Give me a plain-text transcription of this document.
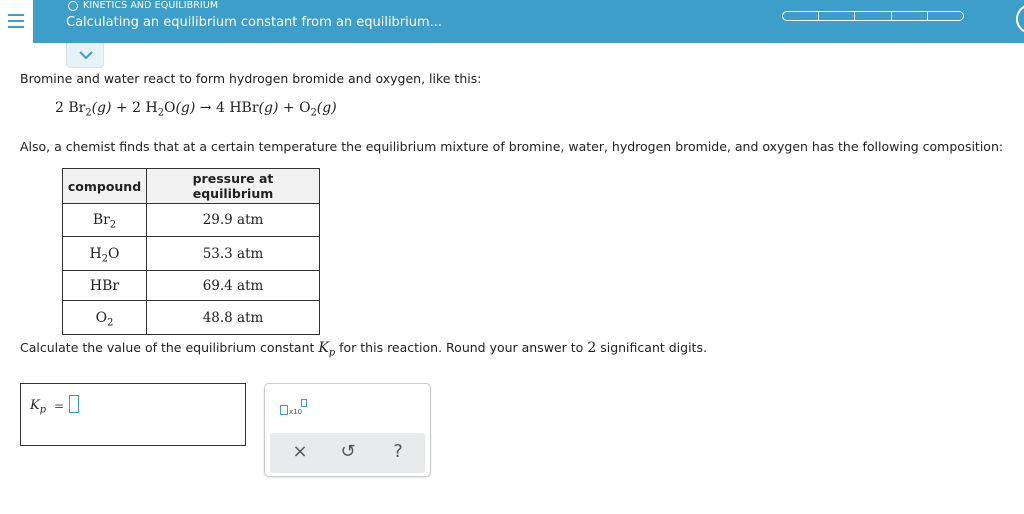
KINETICS AND EQUILIBRIUM
Calculating an equilibrium constant from an equilibrium...
Bromine and water react to form hydrogen bromide and oxygen, like this:
2 $Br_2(g) + 2$ $H_2O(g) \to 4$ $HBr(g) + O_2(g)$
Also, a chemist finds that at a certain temperature the equilibrium mixture of bromine, water, hydrogen bromide, and oxygen has the following composition:
compound	pressure at equilibrium
$Br_2$	29.9 atm
$H_2O$	53.3 atm
HBr	69.4 atm
$O_2$	48.8 atm
Calculate the value of the equilibrium constant $K_p$ for this reaction. Round your answer to 2 significant digits.
$K_p$ =	x10
× ↺	?
